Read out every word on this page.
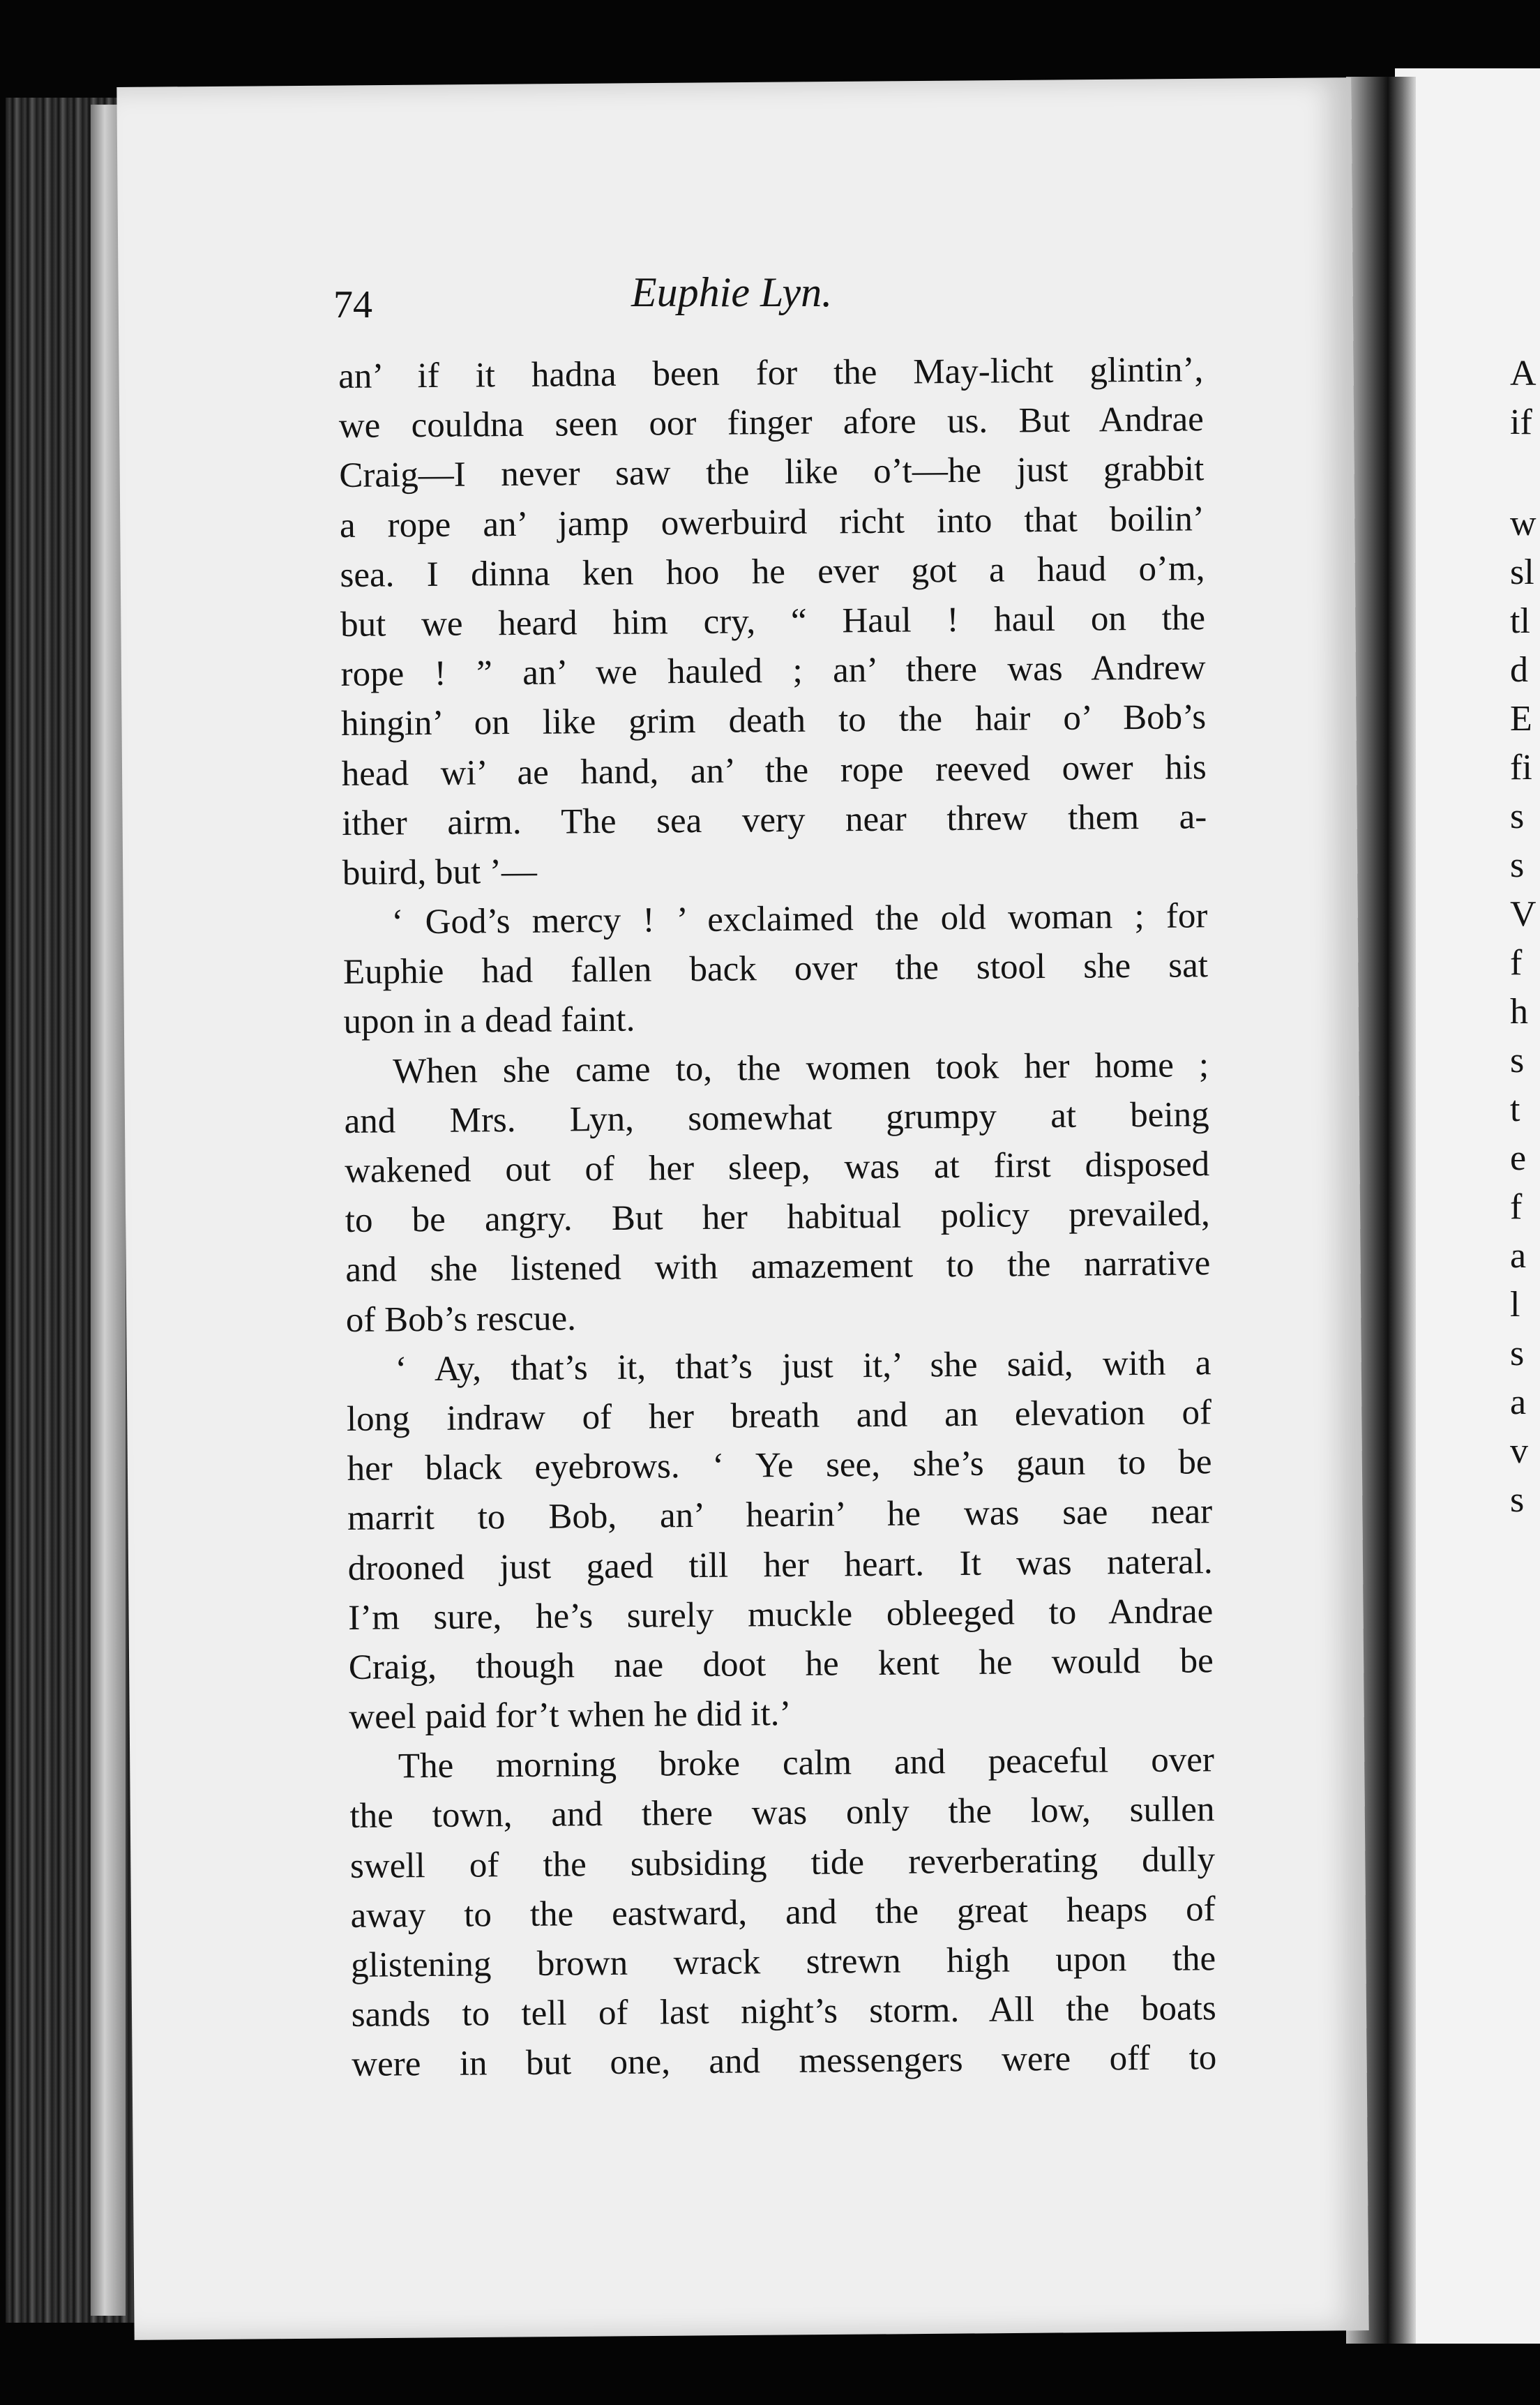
A
if
w
sl
tl
d
E
fi
s
s
V
f
h
s
t
e
f
a
l
s
a
v
s
74	Euphie Lyn.
an’ if it hadna been for the May-licht glintin’,
we couldna seen oor finger afore us. But Andrae
Craig—I never saw the like o’t—he just grabbit
a rope an’ jamp owerbuird richt into that boilin’
sea. I dinna ken hoo he ever got a haud o’m,
but we heard him cry, “ Haul ! haul on the
rope ! ” an’ we hauled ; an’ there was Andrew
hingin’ on like grim death to the hair o’ Bob’s
head wi’ ae hand, an’ the rope reeved ower his
ither airm. The sea very near threw them a-
buird, but ’—
‘ God’s mercy ! ’ exclaimed the old woman ; for
Euphie had fallen back over the stool she sat
upon in a dead faint.
When she came to, the women took her home ;
and Mrs. Lyn, somewhat grumpy at being
wakened out of her sleep, was at first disposed
to be angry. But her habitual policy prevailed,
and she listened with amazement to the narrative
of Bob’s rescue.
‘ Ay, that’s it, that’s just it,’ she said, with a
long indraw of her breath and an elevation of
her black eyebrows. ‘ Ye see, she’s gaun to be
marrit to Bob, an’ hearin’ he was sae near
drooned just gaed till her heart. It was nateral.
I’m sure, he’s surely muckle obleeged to Andrae
Craig, though nae doot he kent he would be
weel paid for’t when he did it.’
The morning broke calm and peaceful over
the town, and there was only the low, sullen
swell of the subsiding tide reverberating dully
away to the eastward, and the great heaps of
glistening brown wrack strewn high upon the
sands to tell of last night’s storm. All the boats
were in but one, and messengers were off to
